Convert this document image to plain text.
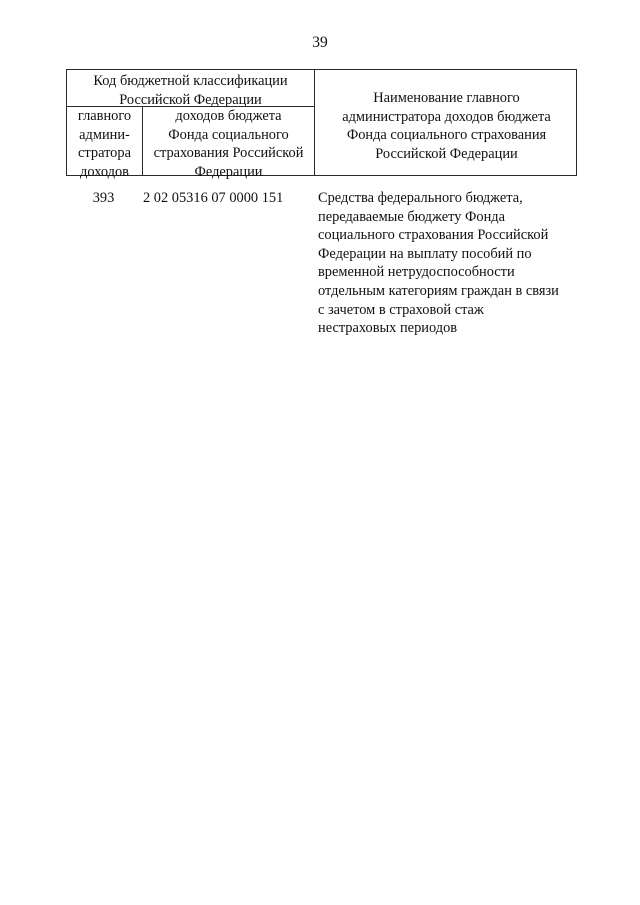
39
Код бюджетной классификации
Российской Федерации
главного
админи-
стратора
доходов
доходов бюджета
Фонда социального
страхования Российской
Федерации
Наименование главного
администратора доходов бюджета
Фонда социального страхования
Российской Федерации
393	2 02 05316 07 0000 151	Средства федерального бюджета,
передаваемые бюджету Фонда
социального страхования Российской
Федерации на выплату пособий по
временной нетрудоспособности
отдельным категориям граждан в связи
с зачетом в страховой стаж
нестраховых периодов
